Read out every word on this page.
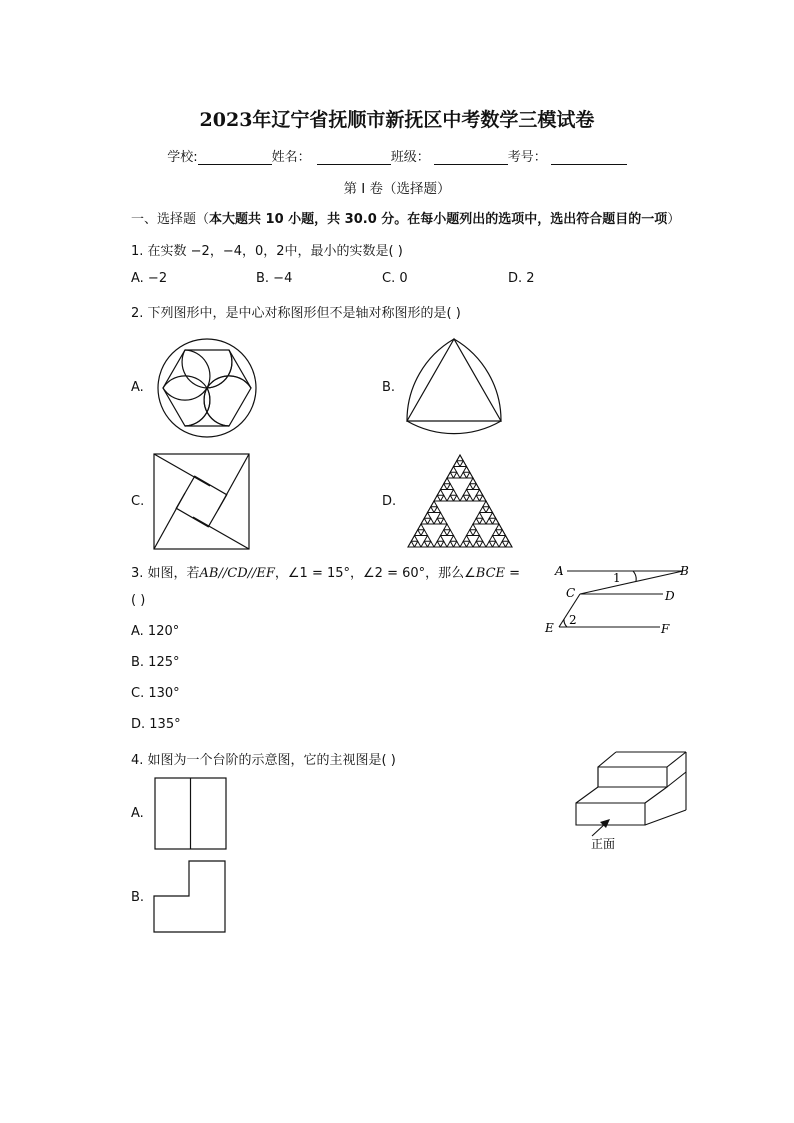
2023年辽宁省抚顺市新抚区中考数学三模试卷
学校:	姓名：	班级：	考号：
第 I 卷（选择题）
一、选择题（本大题共 10 小题，共 30.0 分。在每小题列出的选项中，选出符合题目的一项）
1. 在实数 −2，−4，0，2中，最小的实数是( )
A. −2	B. −4	C. 0	D. 2
2. 下列图形中，是中心对称图形但不是轴对称图形的是( )
A.	B.
C.	D.
3. 如图，若AB//CD//EF，∠1 = 15°，∠2 = 60°，那么∠BCE =
( )
A. 120°
B. 125°
C. 130°
D. 135°
A	B
C	D
E	F
1
2
4. 如图为一个台阶的示意图，它的主视图是( )
正面
A.
B.
